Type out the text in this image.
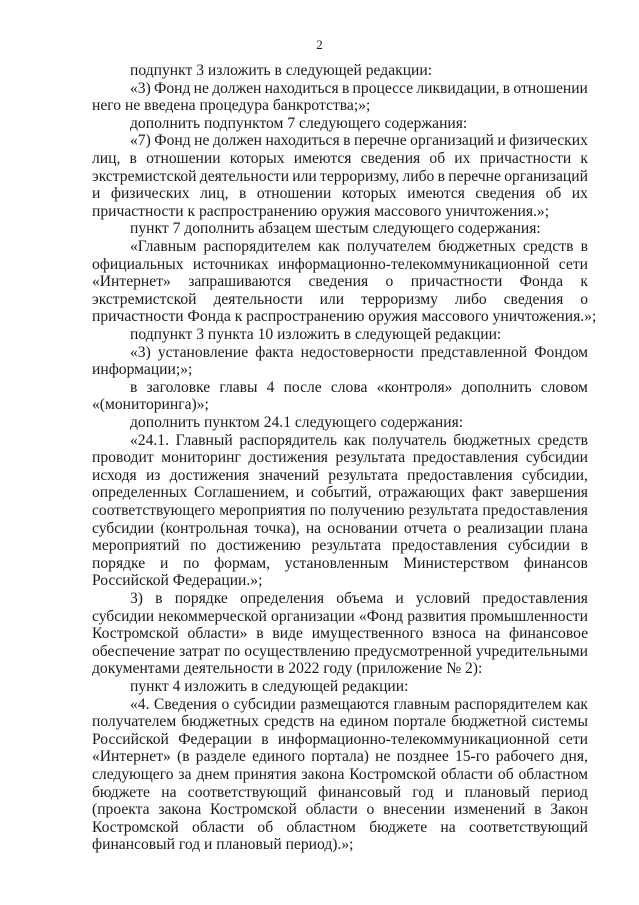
2
подпункт 3 изложить в следующей редакции:
«3) Фонд не должен находиться в процессе ликвидации, в отношении
него не введена процедура банкротства;»;
дополнить подпунктом 7 следующего содержания:
«7) Фонд не должен находиться в перечне организаций и физических
лиц, в отношении которых имеются сведения об их причастности к
экстремистской деятельности или терроризму, либо в перечне организаций
и физических лиц, в отношении которых имеются сведения об их
причастности к распространению оружия массового уничтожения.»;
пункт 7 дополнить абзацем шестым следующего содержания:
«Главным распорядителем как получателем бюджетных средств в
официальных источниках информационно-телекоммуникационной сети
«Интернет» запрашиваются сведения о причастности Фонда к
экстремистской деятельности или терроризму либо сведения о
причастности Фонда к распространению оружия массового уничтожения.»;
подпункт 3 пункта 10 изложить в следующей редакции:
«3) установление факта недостоверности представленной Фондом
информации;»;
в заголовке главы 4 после слова «контроля» дополнить словом
«(мониторинга)»;
дополнить пунктом 24.1 следующего содержания:
«24.1. Главный распорядитель как получатель бюджетных средств
проводит мониторинг достижения результата предоставления субсидии
исходя из достижения значений результата предоставления субсидии,
определенных Соглашением, и событий, отражающих факт завершения
соответствующего мероприятия по получению результата предоставления
субсидии (контрольная точка), на основании отчета о реализации плана
мероприятий по достижению результата предоставления субсидии в
порядке и по формам, установленным Министерством финансов
Российской Федерации.»;
3) в порядке определения объема и условий предоставления
субсидии некоммерческой организации «Фонд развития промышленности
Костромской области» в виде имущественного взноса на финансовое
обеспечение затрат по осуществлению предусмотренной учредительными
документами деятельности в 2022 году (приложение № 2):
пункт 4 изложить в следующей редакции:
«4. Сведения о субсидии размещаются главным распорядителем как
получателем бюджетных средств на едином портале бюджетной системы
Российской Федерации в информационно-телекоммуникационной сети
«Интернет» (в разделе единого портала) не позднее 15-го рабочего дня,
следующего за днем принятия закона Костромской области об областном
бюджете на соответствующий финансовый год и плановый период
(проекта закона Костромской области о внесении изменений в Закон
Костромской области об областном бюджете на соответствующий
финансовый год и плановый период).»;
